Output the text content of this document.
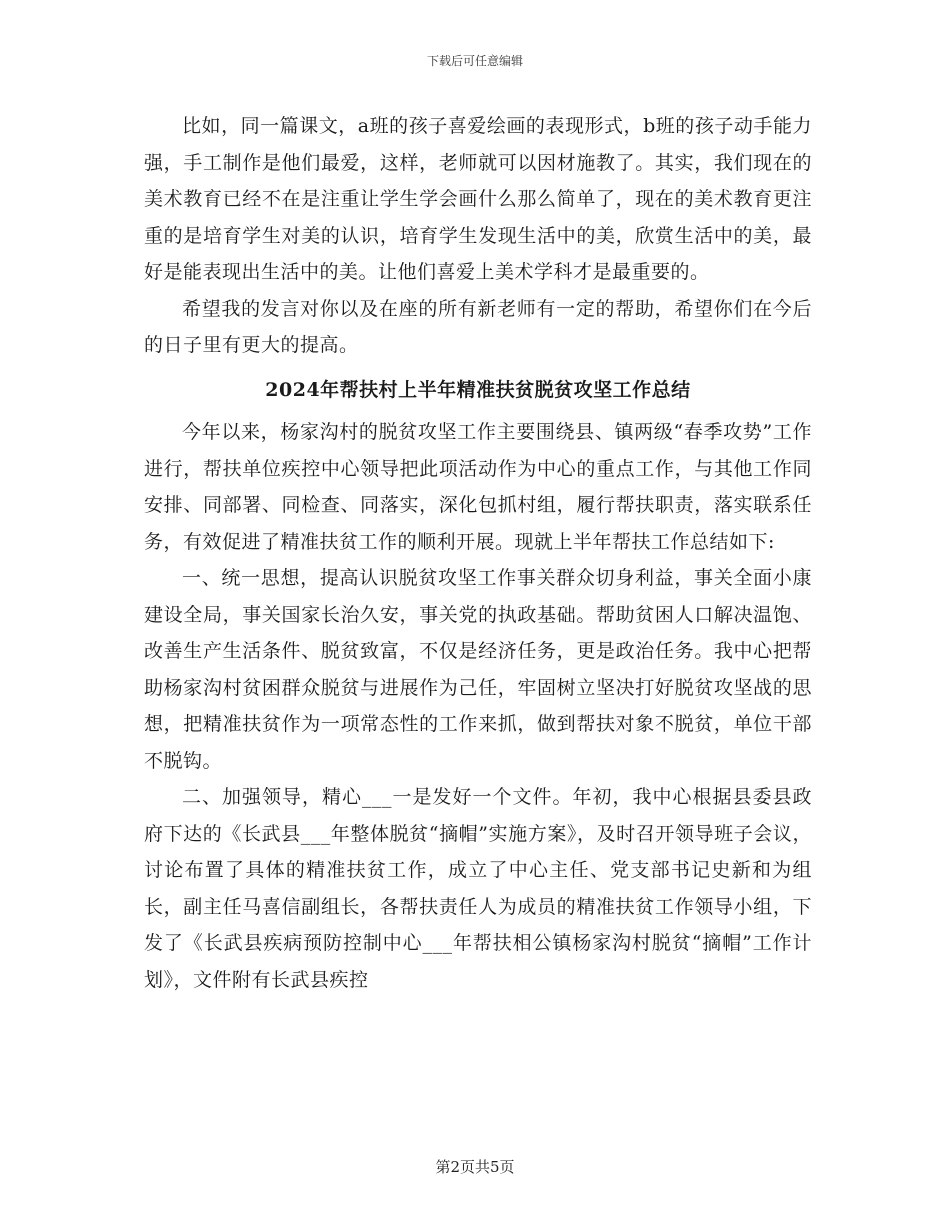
下载后可任意编辑

比如，同一篇课文，a班的孩子喜爱绘画的表现形式，b班的孩子动手能力强，手工制作是他们最爱，这样，老师就可以因材施教了。其实，我们现在的美术教育已经不在是注重让学生学会画什么那么简单了，现在的美术教育更注重的是培育学生对美的认识，培育学生发现生活中的美，欣赏生活中的美，最好是能表现出生活中的美。让他们喜爱上美术学科才是最重要的。

希望我的发言对你以及在座的所有新老师有一定的帮助，希望你们在今后的日子里有更大的提高。

2024年帮扶村上半年精准扶贫脱贫攻坚工作总结

今年以来，杨家沟村的脱贫攻坚工作主要围绕县、镇两级“春季攻势”工作进行，帮扶单位疾控中心领导把此项活动作为中心的重点工作，与其他工作同安排、同部署、同检查、同落实，深化包抓村组，履行帮扶职责，落实联系任务，有效促进了精准扶贫工作的顺利开展。现就上半年帮扶工作总结如下:

一、统一思想，提高认识脱贫攻坚工作事关群众切身利益，事关全面小康建设全局，事关国家长治久安，事关党的执政基础。帮助贫困人口解决温饱、改善生产生活条件、脱贫致富，不仅是经济任务，更是政治任务。我中心把帮助杨家沟村贫困群众脱贫与进展作为己任，牢固树立坚决打好脱贫攻坚战的思想，把精准扶贫作为一项常态性的工作来抓，做到帮扶对象不脱贫，单位干部不脱钩。

二、加强领导，精心___一是发好一个文件。年初，我中心根据县委县政府下达的《长武县___年整体脱贫“摘帽”实施方案》，及时召开领导班子会议，讨论布置了具体的精准扶贫工作，成立了中心主任、党支部书记史新和为组长，副主任马喜信副组长，各帮扶责任人为成员的精准扶贫工作领导小组，下发了《长武县疾病预防控制中心___年帮扶相公镇杨家沟村脱贫“摘帽”工作计划》，文件附有长武县疾控

第2页共5页
